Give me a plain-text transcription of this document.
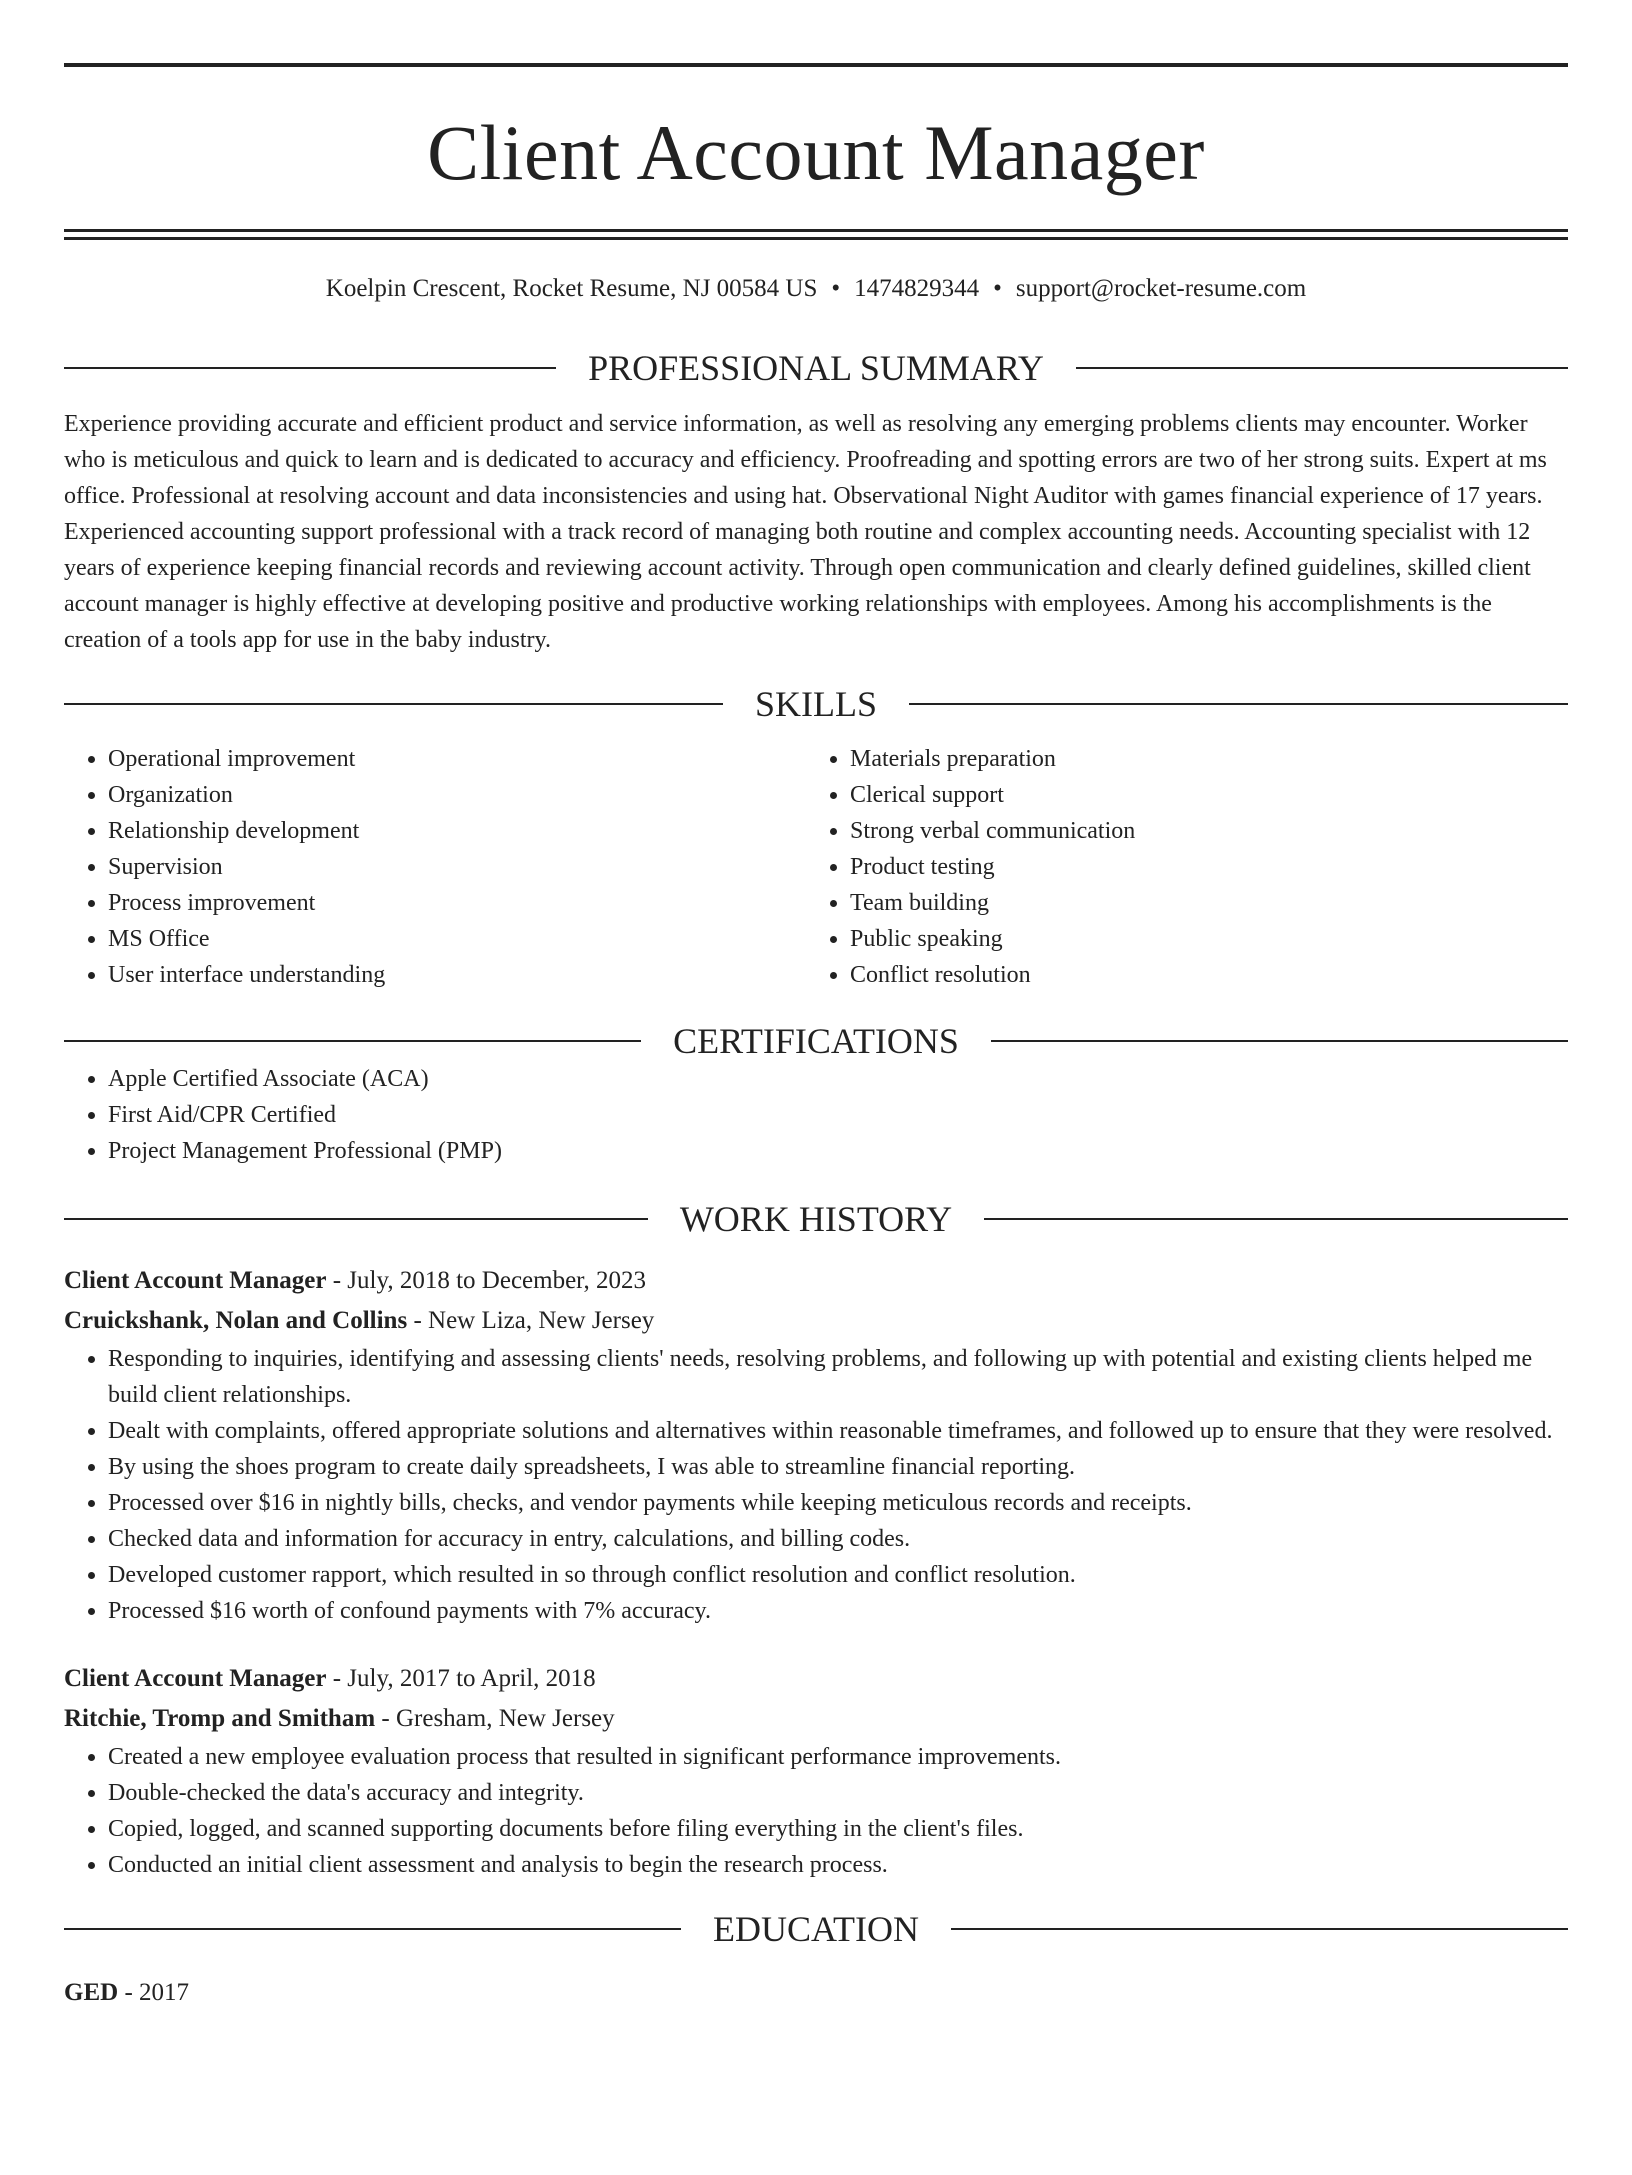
Client Account Manager
Koelpin Crescent, Rocket Resume, NJ 00584 US • 1474829344 • support@rocket-resume.com
PROFESSIONAL SUMMARY
Experience providing accurate and efficient product and service information, as well as resolving any emerging problems clients may encounter. Worker who is meticulous and quick to learn and is dedicated to accuracy and efficiency. Proofreading and spotting errors are two of her strong suits. Expert at ms office. Professional at resolving account and data inconsistencies and using hat. Observational Night Auditor with games financial experience of 17 years. Experienced accounting support professional with a track record of managing both routine and complex accounting needs. Accounting specialist with 12 years of experience keeping financial records and reviewing account activity. Through open communication and clearly defined guidelines, skilled client account manager is highly effective at developing positive and productive working relationships with employees. Among his accomplishments is the creation of a tools app for use in the baby industry.
SKILLS
• Operational improvement
• Organization
• Relationship development
• Supervision
• Process improvement
• MS Office
• User interface understanding
• Materials preparation
• Clerical support
• Strong verbal communication
• Product testing
• Team building
• Public speaking
• Conflict resolution
CERTIFICATIONS
• Apple Certified Associate (ACA)
• First Aid/CPR Certified
• Project Management Professional (PMP)
WORK HISTORY
Client Account Manager - July, 2018 to December, 2023
Cruickshank, Nolan and Collins - New Liza, New Jersey
• Responding to inquiries, identifying and assessing clients' needs, resolving problems, and following up with potential and existing clients helped me build client relationships.
• Dealt with complaints, offered appropriate solutions and alternatives within reasonable timeframes, and followed up to ensure that they were resolved.
• By using the shoes program to create daily spreadsheets, I was able to streamline financial reporting.
• Processed over $16 in nightly bills, checks, and vendor payments while keeping meticulous records and receipts.
• Checked data and information for accuracy in entry, calculations, and billing codes.
• Developed customer rapport, which resulted in so through conflict resolution and conflict resolution.
• Processed $16 worth of confound payments with 7% accuracy.
Client Account Manager - July, 2017 to April, 2018
Ritchie, Tromp and Smitham - Gresham, New Jersey
• Created a new employee evaluation process that resulted in significant performance improvements.
• Double-checked the data's accuracy and integrity.
• Copied, logged, and scanned supporting documents before filing everything in the client's files.
• Conducted an initial client assessment and analysis to begin the research process.
EDUCATION
GED - 2017
